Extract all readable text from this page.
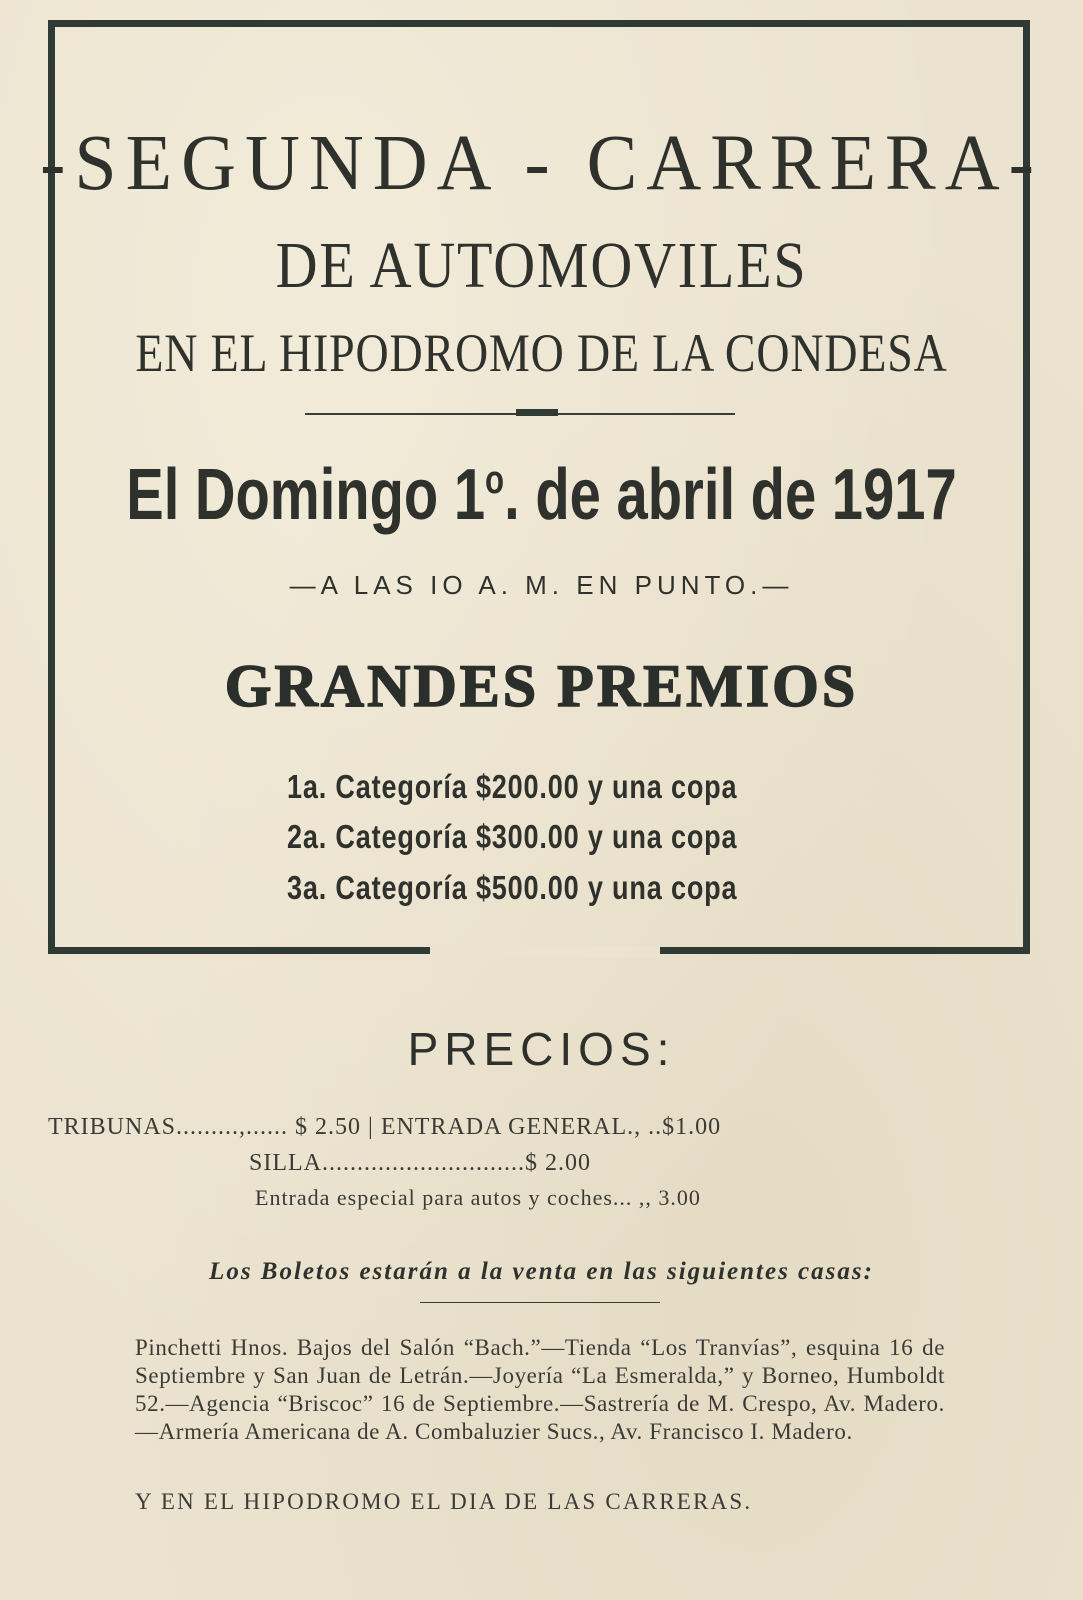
-SEGUNDA - CARRERA-
DE AUTOMOVILES
EN EL HIPODROMO DE LA CONDESA
El Domingo 1$^o$. de abril de 1917
—A LAS IO A. M. EN PUNTO.—
GRANDES PREMIOS
1a. Categoría $200.00 y una copa
2a. Categoría $300.00 y una copa
3a. Categoría $500.00 y una copa
PRECIOS:
TRIBUNAS.........,...... $ 2.50 | ENTRADA GENERAL., ..$1.00
SILLA.............................$ 2.00
Entrada especial para autos y coches... ,, 3.00
Los Boletos estarán a la venta en las siguientes casas:
Pinchetti Hnos. Bajos del Salón “Bach.”—Tienda “Los Tranvías”, esquina 16 de Septiembre y San Juan de Letrán.—Joyería “La Esmeralda,” y Borneo, Humboldt 52.—Agencia “Briscoc” 16 de Septiembre.—Sastrería de M. Crespo, Av. Madero.—Armería Americana de A. Combaluzier Sucs., Av. Francisco I. Madero.
Y EN EL HIPODROMO EL DIA DE LAS CARRERAS.
